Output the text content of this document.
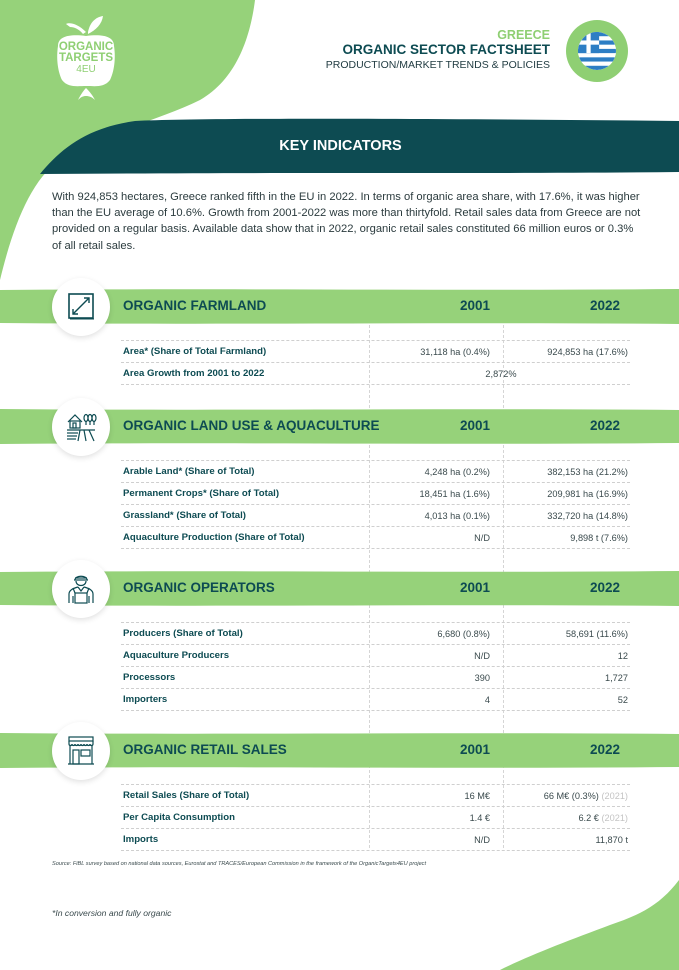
ORGANIC
TARGETS
4EU
GREECE
ORGANIC SECTOR FACTSHEET
PRODUCTION/MARKET TRENDS & POLICIES
KEY INDICATORS

With 924,853 hectares, Greece ranked fifth in the EU in 2022. In terms of organic area share, with 17.6%, it was higher than the EU average of 10.6%. Growth from 2001-2022 was more than thirtyfold. Retail sales data from Greece are not provided on a regular basis. Available data show that in 2022, organic retail sales constituted 66 million euros or 0.3% of all retail sales.

ORGANIC FARMLAND	2001	2022
Area* (Share of Total Farmland)	31,118 ha (0.4%)	924,853 ha (17.6%)
Area Growth from 2001 to 2022	2,872%
ORGANIC LAND USE & AQUACULTURE	2001	2022
Arable Land* (Share of Total)	4,248 ha (0.2%)	382,153 ha (21.2%)
Permanent Crops* (Share of Total)	18,451 ha (1.6%)	209,981 ha (16.9%)
Grassland* (Share of Total)	4,013 ha (0.1%)	332,720 ha (14.8%)
Aquaculture Production (Share of Total)	N/D	9,898 t (7.6%)
ORGANIC OPERATORS	2001	2022
Producers (Share of Total)	6,680 (0.8%)	58,691 (11.6%)
Aquaculture Producers	N/D	12
Processors	390	1,727
Importers	4	52
ORGANIC RETAIL SALES	2001	2022
Retail Sales (Share of Total)	16 M€	66 M€ (0.3%) (2021)
Per Capita Consumption	1.4 €	6.2 € (2021)
Imports	N/D	11,870 t
Source: FiBL survey based on national data sources, Eurostat and TRACES/European Commission in the framework of the OrganicTargets4EU project
*In conversion and fully organic
